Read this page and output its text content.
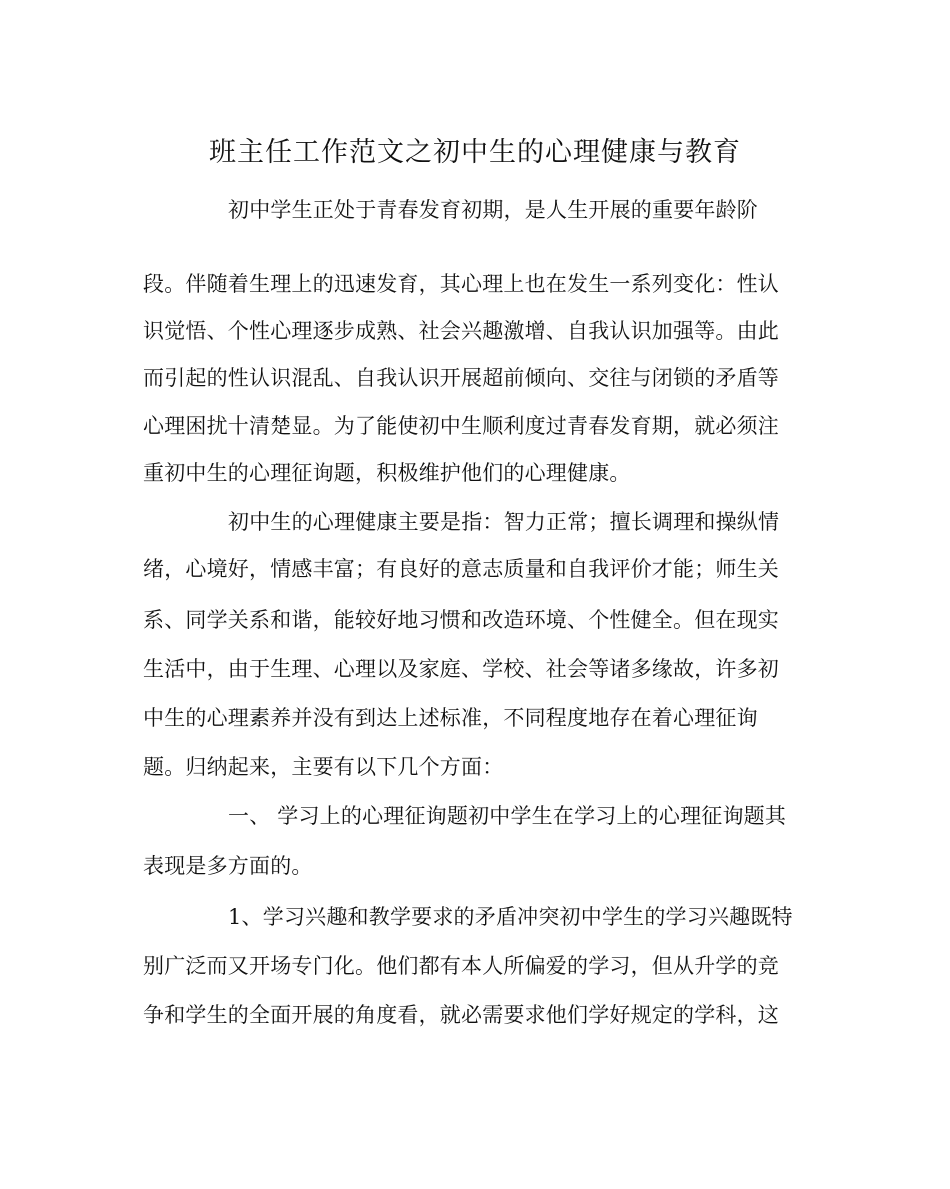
班主任工作范文之初中生的心理健康与教育

初中学生正处于青春发育初期，是人生开展的重要年龄阶

段。伴随着生理上的迅速发育，其心理上也在发生一系列变化：性认

识觉悟、个性心理逐步成熟、社会兴趣激增、自我认识加强等。由此

而引起的性认识混乱、自我认识开展超前倾向、交往与闭锁的矛盾等

心理困扰十清楚显。为了能使初中生顺利度过青春发育期，就必须注

重初中生的心理征询题，积极维护他们的心理健康。

初中生的心理健康主要是指：智力正常；擅长调理和操纵情

绪，心境好，情感丰富；有良好的意志质量和自我评价才能；师生关

系、同学关系和谐，能较好地习惯和改造环境、个性健全。但在现实

生活中，由于生理、心理以及家庭、学校、社会等诸多缘故，许多初

中生的心理素养并没有到达上述标准，不同程度地存在着心理征询

题。归纳起来，主要有以下几个方面：

一、 学习上的心理征询题初中学生在学习上的心理征询题其

表现是多方面的。

1、学习兴趣和教学要求的矛盾冲突初中学生的学习兴趣既特

别广泛而又开场专门化。他们都有本人所偏爱的学习，但从升学的竞

争和学生的全面开展的角度看，就必需要求他们学好规定的学科，这
